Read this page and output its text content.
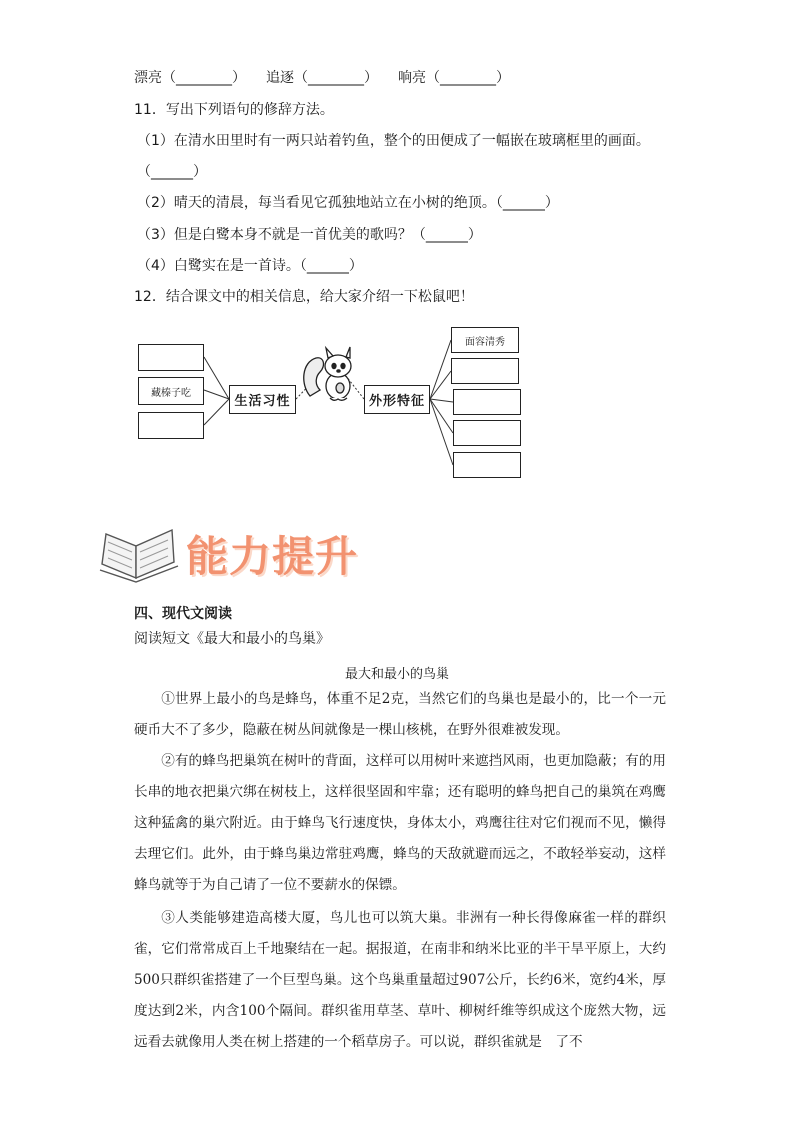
漂亮（________） 追逐（________） 响亮（________）
11．写出下列语句的修辞方法。
（1）在清水田里时有一两只站着钓鱼，整个的田便成了一幅嵌在玻璃框里的画面。
（______）
（2）晴天的清晨，每当看见它孤独地站立在小树的绝顶。（______）
（3）但是白鹭本身不就是一首优美的歌吗？（______）
（4）白鹭实在是一首诗。（______）
12．结合课文中的相关信息，给大家介绍一下松鼠吧！
藏榛子吃
生活习性	外形特征
面容清秀
能力提升
四、现代文阅读
阅读短文《最大和最小的鸟巢》
最大和最小的鸟巢
①世界上最小的鸟是蜂鸟，体重不足2克，当然它们的鸟巢也是最小的，比一个一元硬币大不了多少，隐蔽在树丛间就像是一棵山核桃，在野外很难被发现。
②有的蜂鸟把巢筑在树叶的背面，这样可以用树叶来遮挡风雨，也更加隐蔽；有的用长串的地衣把巢穴绑在树枝上，这样很坚固和牢靠；还有聪明的蜂鸟把自己的巢筑在鸡鹰这种猛禽的巢穴附近。由于蜂鸟飞行速度快，身体太小，鸡鹰往往对它们视而不见，懒得去理它们。此外，由于蜂鸟巢边常驻鸡鹰，蜂鸟的天敌就避而远之，不敢轻举妄动，这样蜂鸟就等于为自己请了一位不要薪水的保镖。
③人类能够建造高楼大厦，鸟儿也可以筑大巢。非洲有一种长得像麻雀一样的群织雀，它们常常成百上千地聚结在一起。据报道，在南非和纳米比亚的半干旱平原上，大约500只群织雀搭建了一个巨型鸟巢。这个鸟巢重量超过907公斤，长约6米，宽约4米，厚度达到2米，内含100个隔间。群织雀用草茎、草叶、柳树纤维等织成这个庞然大物，远远看去就像用人类在树上搭建的一个稻草房子。可以说，群织雀就是　了不
